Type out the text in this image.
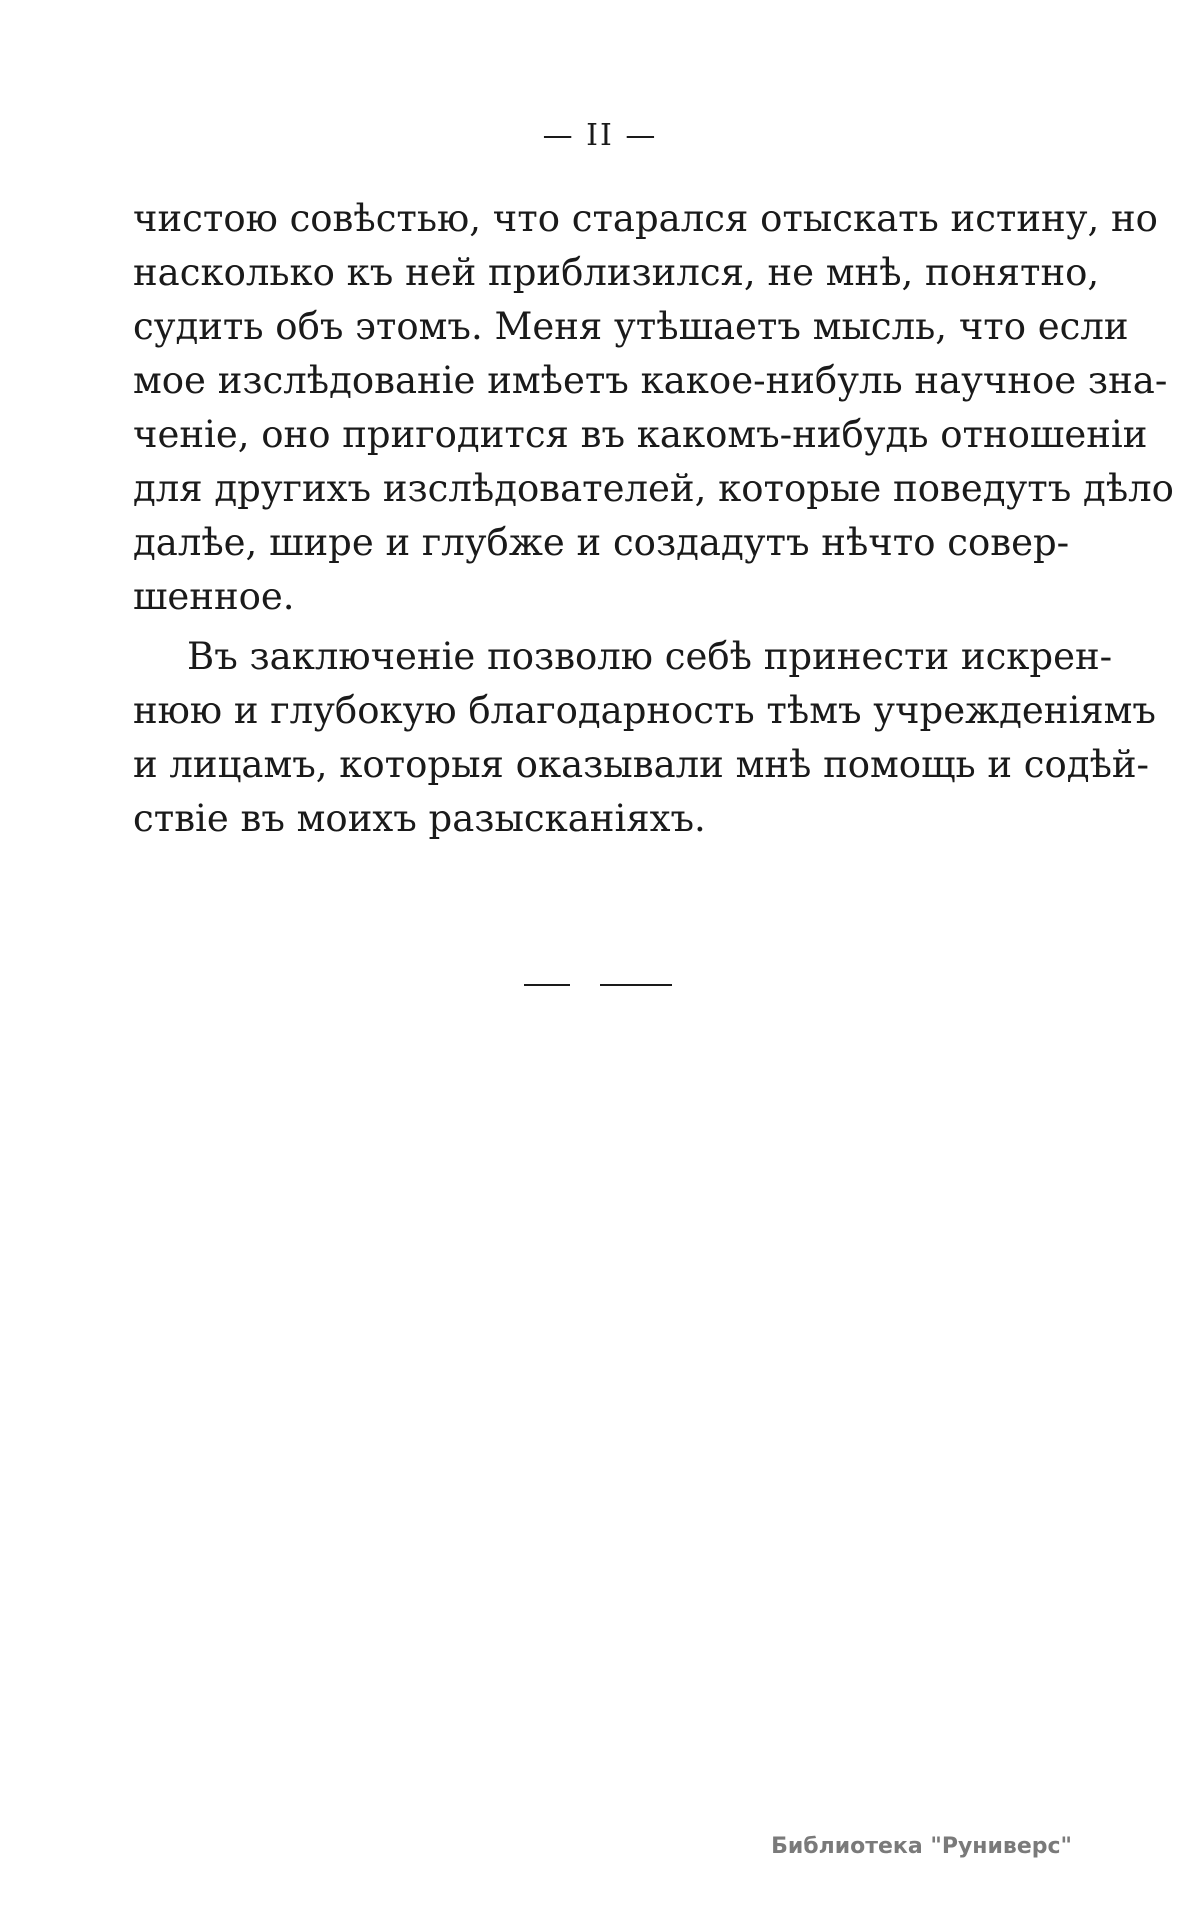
— II —
чистою совѣстью, что старался отыскать истину, но
насколько къ ней приблизился, не мнѣ, понятно,
судить объ этомъ. Меня утѣшаетъ мысль, что если
мое изслѣдованіе имѣетъ какое-нибуль научное зна-
ченіе, оно пригодится въ какомъ-нибудь отношеніи
для другихъ изслѣдователей, которые поведутъ дѣло
далѣе, шире и глубже и создадутъ нѣчто совер-
шенное.
Въ заключеніе позволю себѣ принести искрен-
нюю и глубокую благодарность тѣмъ учрежденіямъ
и лицамъ, которыя оказывали мнѣ помощь и содѣй-
ствіе въ моихъ разысканіяхъ.
Библиотека "Руниверс"
